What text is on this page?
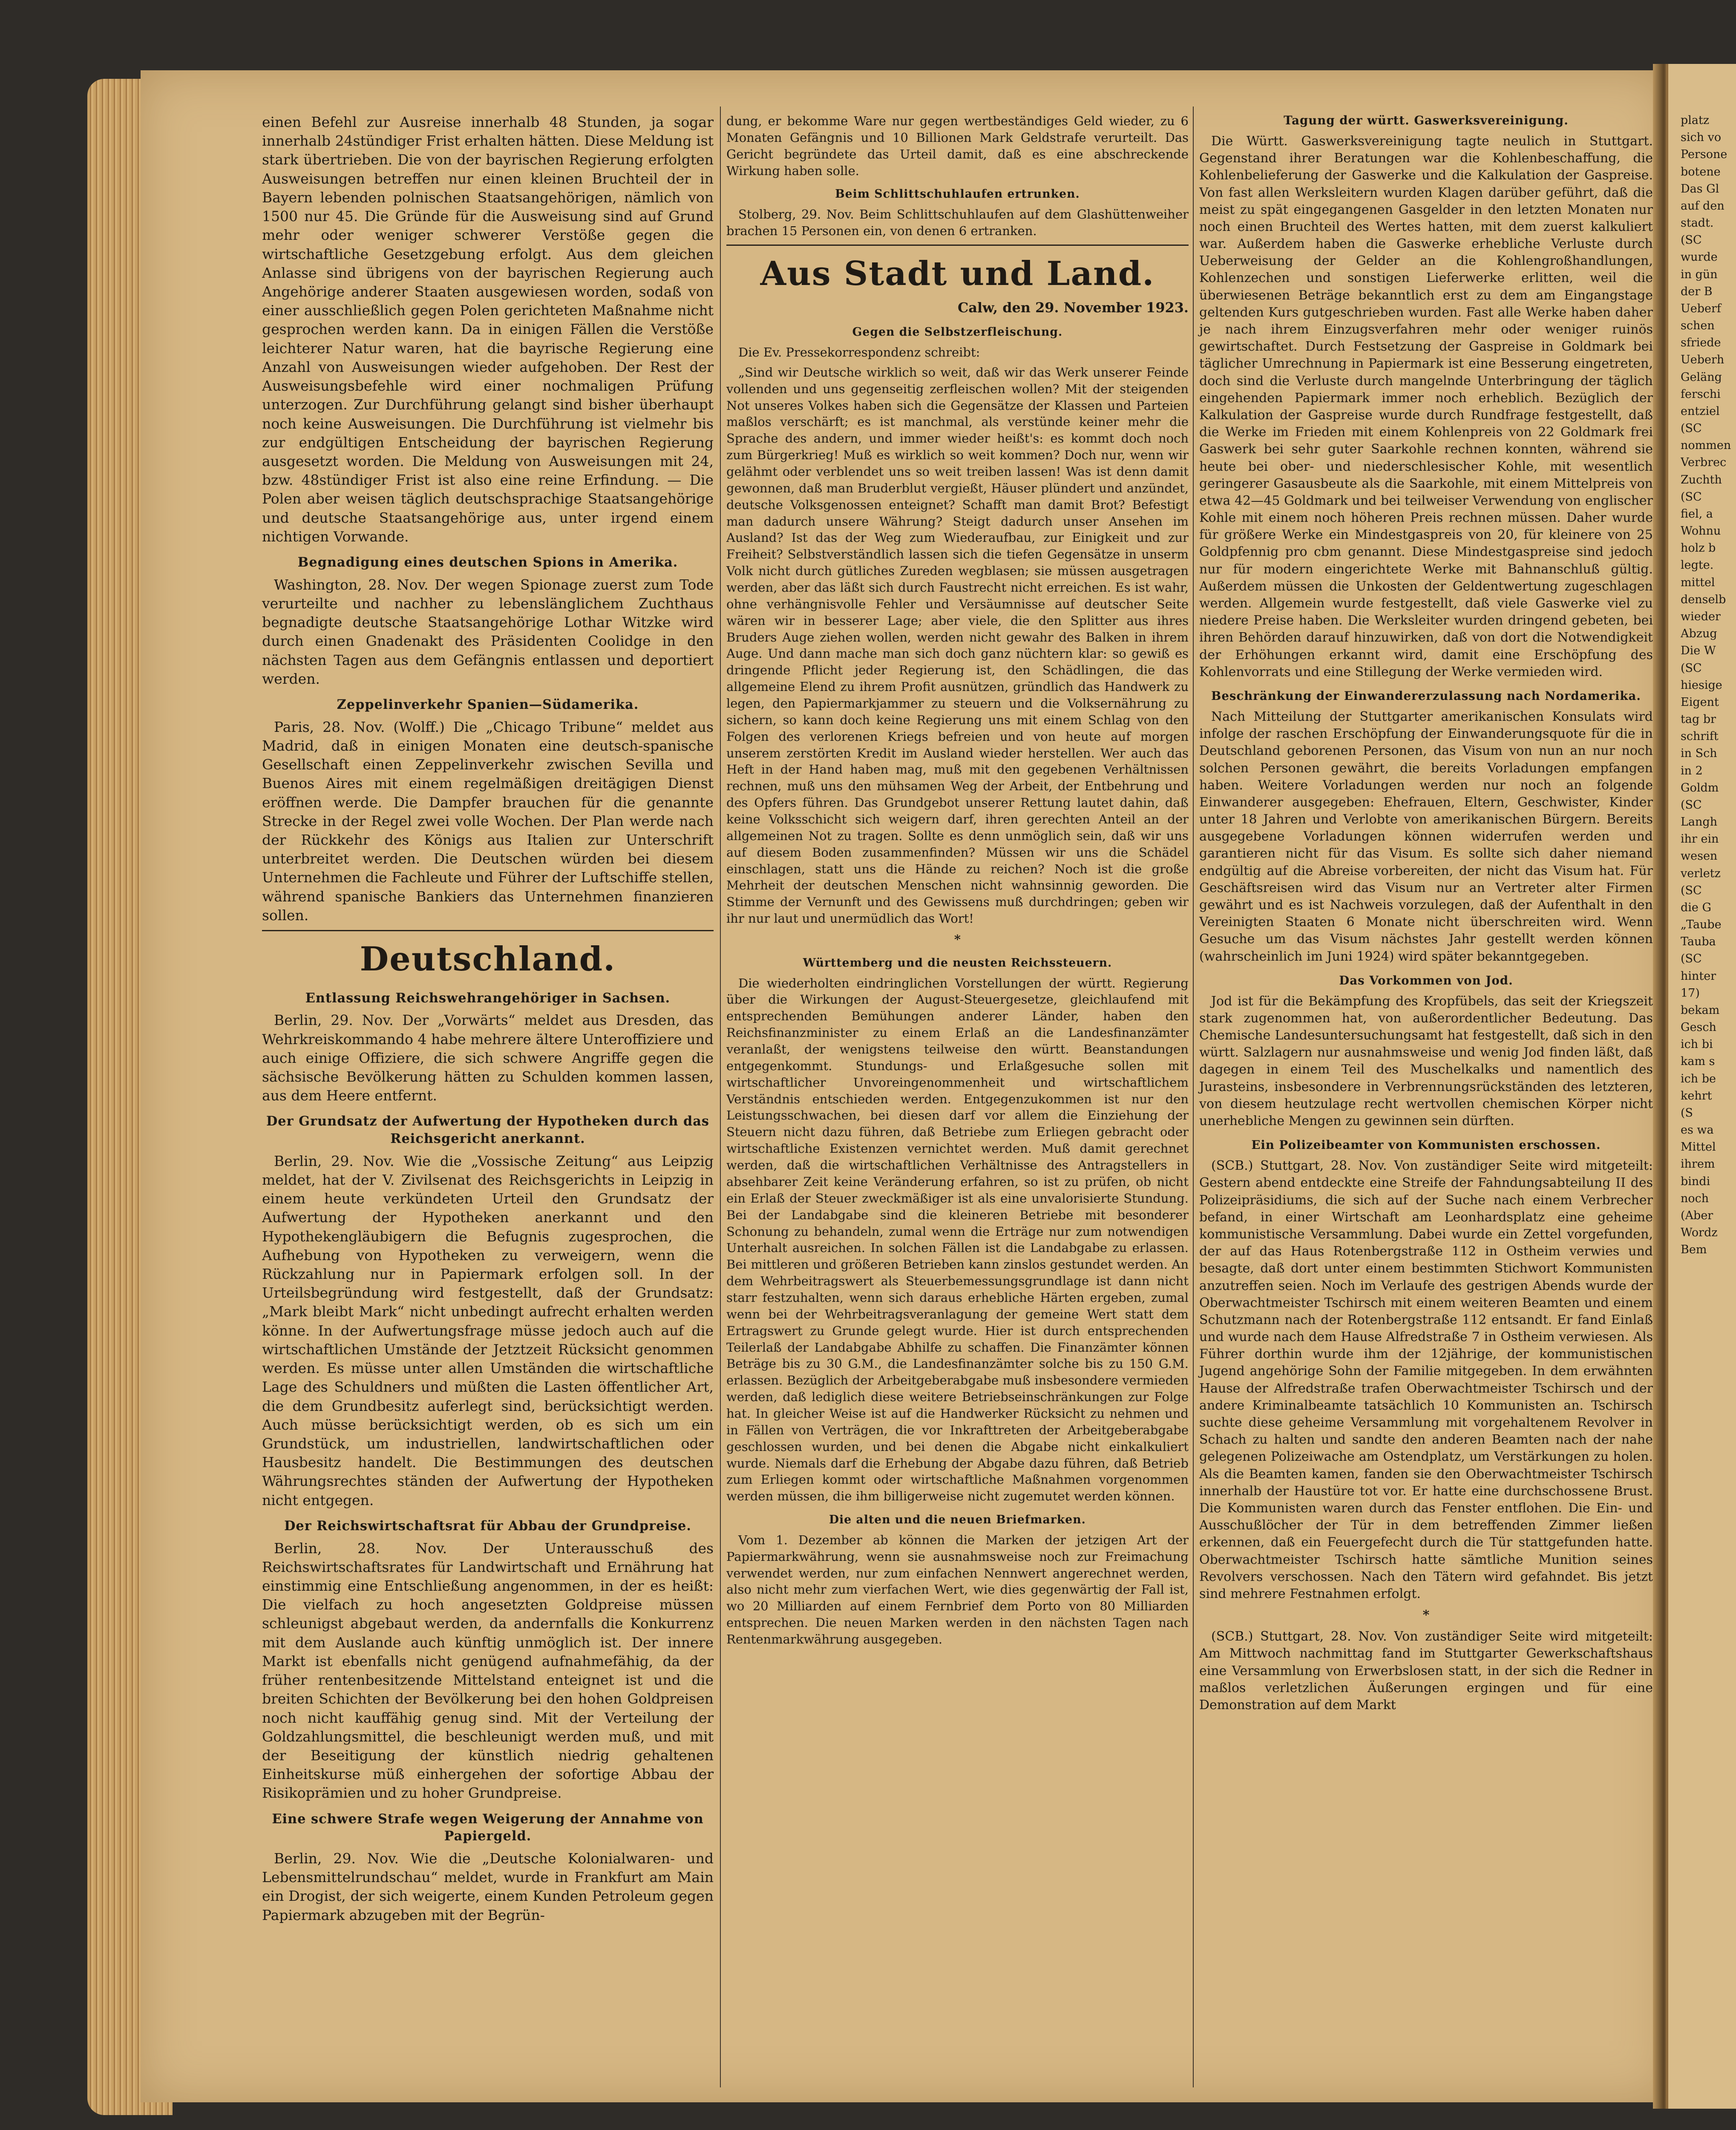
einen Befehl zur Ausreise innerhalb 48 Stunden, ja sogar innerhalb 24stündiger Frist erhalten hätten. Diese Meldung ist stark übertrieben. Die von der bayrischen Regierung erfolgten Ausweisungen betreffen nur einen kleinen Bruchteil der in Bayern lebenden polnischen Staatsangehörigen, nämlich von 1500 nur 45. Die Gründe für die Ausweisung sind auf Grund mehr oder weniger schwerer Verstöße gegen die wirtschaftliche Gesetzgebung erfolgt. Aus dem gleichen Anlasse sind übrigens von der bayrischen Regierung auch Angehörige anderer Staaten ausgewiesen worden, sodaß von einer ausschließlich gegen Polen gerichteten Maßnahme nicht gesprochen werden kann. Da in einigen Fällen die Verstöße leichterer Natur waren, hat die bayrische Regierung eine Anzahl von Ausweisungen wieder aufgehoben. Der Rest der Ausweisungsbefehle wird einer nochmaligen Prüfung unterzogen. Zur Durchführung gelangt sind bisher überhaupt noch keine Ausweisungen. Die Durchführung ist vielmehr bis zur endgültigen Entscheidung der bayrischen Regierung ausgesetzt worden. Die Meldung von Ausweisungen mit 24, bzw. 48stündiger Frist ist also eine reine Erfindung. — Die Polen aber weisen täglich deutschsprachige Staatsangehörige und deutsche Staatsangehörige aus, unter irgend einem nichtigen Vorwande.

Begnadigung eines deutschen Spions in Amerika.

Washington, 28. Nov. Der wegen Spionage zuerst zum Tode verurteilte und nachher zu lebenslänglichem Zuchthaus begnadigte deutsche Staatsangehörige Lothar Witzke wird durch einen Gnadenakt des Präsidenten Coolidge in den nächsten Tagen aus dem Gefängnis entlassen und deportiert werden.

Zeppelinverkehr Spanien—Südamerika.

Paris, 28. Nov. (Wolff.) Die „Chicago Tribune“ meldet aus Madrid, daß in einigen Monaten eine deutsch-spanische Gesellschaft einen Zeppelinverkehr zwischen Sevilla und Buenos Aires mit einem regelmäßigen dreitägigen Dienst eröffnen werde. Die Dampfer brauchen für die genannte Strecke in der Regel zwei volle Wochen. Der Plan werde nach der Rückkehr des Königs aus Italien zur Unterschrift unterbreitet werden. Die Deutschen würden bei diesem Unternehmen die Fachleute und Führer der Luftschiffe stellen, während spanische Bankiers das Unternehmen finanzieren sollen.

Deutschland.
Entlassung Reichswehrangehöriger in Sachsen.

Berlin, 29. Nov. Der „Vorwärts“ meldet aus Dresden, das Wehrkreiskommando 4 habe mehrere ältere Unteroffiziere und auch einige Offiziere, die sich schwere Angriffe gegen die sächsische Bevölkerung hätten zu Schulden kommen lassen, aus dem Heere entfernt.

Der Grundsatz der Aufwertung der Hypotheken durch das Reichsgericht anerkannt.

Berlin, 29. Nov. Wie die „Vossische Zeitung“ aus Leipzig meldet, hat der V. Zivilsenat des Reichsgerichts in Leipzig in einem heute verkündeten Urteil den Grundsatz der Aufwertung der Hypotheken anerkannt und den Hypothekengläubigern die Befugnis zugesprochen, die Aufhebung von Hypotheken zu verweigern, wenn die Rückzahlung nur in Papiermark erfolgen soll. In der Urteilsbegründung wird festgestellt, daß der Grundsatz: „Mark bleibt Mark“ nicht unbedingt aufrecht erhalten werden könne. In der Aufwertungsfrage müsse jedoch auch auf die wirtschaftlichen Umstände der Jetztzeit Rücksicht genommen werden. Es müsse unter allen Umständen die wirtschaftliche Lage des Schuldners und müßten die Lasten öffentlicher Art, die dem Grundbesitz auferlegt sind, berücksichtigt werden. Auch müsse berücksichtigt werden, ob es sich um ein Grundstück, um industriellen, landwirtschaftlichen oder Hausbesitz handelt. Die Bestimmungen des deutschen Währungsrechtes ständen der Aufwertung der Hypotheken nicht entgegen.

Der Reichswirtschaftsrat für Abbau der Grundpreise.

Berlin, 28. Nov. Der Unterausschuß des Reichswirtschaftsrates für Landwirtschaft und Ernährung hat einstimmig eine Entschließung angenommen, in der es heißt: Die vielfach zu hoch angesetzten Goldpreise müssen schleunigst abgebaut werden, da andernfalls die Konkurrenz mit dem Auslande auch künftig unmöglich ist. Der innere Markt ist ebenfalls nicht genügend aufnahmefähig, da der früher rentenbesitzende Mittelstand enteignet ist und die breiten Schichten der Bevölkerung bei den hohen Goldpreisen noch nicht kauffähig genug sind. Mit der Verteilung der Goldzahlungsmittel, die beschleunigt werden muß, und mit der Beseitigung der künstlich niedrig gehaltenen Einheitskurse müß einhergehen der sofortige Abbau der Risikoprämien und zu hoher Grundpreise.

Eine schwere Strafe wegen Weigerung der Annahme von Papiergeld.

Berlin, 29. Nov. Wie die „Deutsche Kolonialwaren- und Lebensmittelrundschau“ meldet, wurde in Frankfurt am Main ein Drogist, der sich weigerte, einem Kunden Petroleum gegen Papiermark abzugeben mit der Begrün-

dung, er bekomme Ware nur gegen wertbeständiges Geld wieder, zu 6 Monaten Gefängnis und 10 Billionen Mark Geldstrafe verurteilt. Das Gericht begründete das Urteil damit, daß es eine abschreckende Wirkung haben solle.

Beim Schlittschuhlaufen ertrunken.

Stolberg, 29. Nov. Beim Schlittschuhlaufen auf dem Glashüttenweiher brachen 15 Personen ein, von denen 6 ertranken.

Aus Stadt und Land.
Calw, den 29. November 1923.
Gegen die Selbstzerfleischung.

Die Ev. Pressekorrespondenz schreibt:

„Sind wir Deutsche wirklich so weit, daß wir das Werk unserer Feinde vollenden und uns gegenseitig zerfleischen wollen? Mit der steigenden Not unseres Volkes haben sich die Gegensätze der Klassen und Parteien maßlos verschärft; es ist manchmal, als verstünde keiner mehr die Sprache des andern, und immer wieder heißt's: es kommt doch noch zum Bürgerkrieg! Muß es wirklich so weit kommen? Doch nur, wenn wir gelähmt oder verblendet uns so weit treiben lassen! Was ist denn damit gewonnen, daß man Bruderblut vergießt, Häuser plündert und anzündet, deutsche Volksgenossen enteignet? Schafft man damit Brot? Befestigt man dadurch unsere Währung? Steigt dadurch unser Ansehen im Ausland? Ist das der Weg zum Wiederaufbau, zur Einigkeit und zur Freiheit? Selbstverständlich lassen sich die tiefen Gegensätze in unserm Volk nicht durch gütliches Zureden wegblasen; sie müssen ausgetragen werden, aber das läßt sich durch Faustrecht nicht erreichen. Es ist wahr, ohne verhängnisvolle Fehler und Versäumnisse auf deutscher Seite wären wir in besserer Lage; aber viele, die den Splitter aus ihres Bruders Auge ziehen wollen, werden nicht gewahr des Balken in ihrem Auge. Und dann mache man sich doch ganz nüchtern klar: so gewiß es dringende Pflicht jeder Regierung ist, den Schädlingen, die das allgemeine Elend zu ihrem Profit ausnützen, gründlich das Handwerk zu legen, den Papiermarkjammer zu steuern und die Volksernährung zu sichern, so kann doch keine Regierung uns mit einem Schlag von den Folgen des verlorenen Kriegs befreien und von heute auf morgen unserem zerstörten Kredit im Ausland wieder herstellen. Wer auch das Heft in der Hand haben mag, muß mit den gegebenen Verhältnissen rechnen, muß uns den mühsamen Weg der Arbeit, der Entbehrung und des Opfers führen. Das Grundgebot unserer Rettung lautet dahin, daß keine Volksschicht sich weigern darf, ihren gerechten Anteil an der allgemeinen Not zu tragen. Sollte es denn unmöglich sein, daß wir uns auf diesem Boden zusammenfinden? Müssen wir uns die Schädel einschlagen, statt uns die Hände zu reichen? Noch ist die große Mehrheit der deutschen Menschen nicht wahnsinnig geworden. Die Stimme der Vernunft und des Gewissens muß durchdringen; geben wir ihr nur laut und unermüdlich das Wort!

*
Württemberg und die neusten Reichssteuern.

Die wiederholten eindringlichen Vorstellungen der württ. Regierung über die Wirkungen der August-Steuergesetze, gleichlaufend mit entsprechenden Bemühungen anderer Länder, haben den Reichsfinanzminister zu einem Erlaß an die Landesfinanzämter veranlaßt, der wenigstens teilweise den württ. Beanstandungen entgegenkommt. Stundungs- und Erlaßgesuche sollen mit wirtschaftlicher Unvoreingenommenheit und wirtschaftlichem Verständnis entschieden werden. Entgegenzukommen ist nur den Leistungsschwachen, bei diesen darf vor allem die Einziehung der Steuern nicht dazu führen, daß Betriebe zum Erliegen gebracht oder wirtschaftliche Existenzen vernichtet werden. Muß damit gerechnet werden, daß die wirtschaftlichen Verhältnisse des Antragstellers in absehbarer Zeit keine Veränderung erfahren, so ist zu prüfen, ob nicht ein Erlaß der Steuer zweckmäßiger ist als eine unvalorisierte Stundung. Bei der Landabgabe sind die kleineren Betriebe mit besonderer Schonung zu behandeln, zumal wenn die Erträge nur zum notwendigen Unterhalt ausreichen. In solchen Fällen ist die Landabgabe zu erlassen. Bei mittleren und größeren Betrieben kann zinslos gestundet werden. An dem Wehrbeitragswert als Steuerbemessungsgrundlage ist dann nicht starr festzuhalten, wenn sich daraus erhebliche Härten ergeben, zumal wenn bei der Wehrbeitragsveranlagung der gemeine Wert statt dem Ertragswert zu Grunde gelegt wurde. Hier ist durch entsprechenden Teilerlaß der Landabgabe Abhilfe zu schaffen. Die Finanzämter können Beträge bis zu 30 G.M., die Landesfinanzämter solche bis zu 150 G.M. erlassen. Bezüglich der Arbeitgeberabgabe muß insbesondere vermieden werden, daß lediglich diese weitere Betriebseinschränkungen zur Folge hat. In gleicher Weise ist auf die Handwerker Rücksicht zu nehmen und in Fällen von Verträgen, die vor Inkrafttreten der Arbeitgeberabgabe geschlossen wurden, und bei denen die Abgabe nicht einkalkuliert wurde. Niemals darf die Erhebung der Abgabe dazu führen, daß Betrieb zum Erliegen kommt oder wirtschaftliche Maßnahmen vorgenommen werden müssen, die ihm billigerweise nicht zugemutet werden können.

Die alten und die neuen Briefmarken.

Vom 1. Dezember ab können die Marken der jetzigen Art der Papiermarkwährung, wenn sie ausnahmsweise noch zur Freimachung verwendet werden, nur zum einfachen Nennwert angerechnet werden, also nicht mehr zum vierfachen Wert, wie dies gegenwärtig der Fall ist, wo 20 Milliarden auf einem Fernbrief dem Porto von 80 Milliarden entsprechen. Die neuen Marken werden in den nächsten Tagen nach Rentenmarkwährung ausgegeben.

Tagung der württ. Gaswerksvereinigung.

Die Württ. Gaswerksvereinigung tagte neulich in Stuttgart. Gegenstand ihrer Beratungen war die Kohlenbeschaffung, die Kohlenbelieferung der Gaswerke und die Kalkulation der Gaspreise. Von fast allen Werksleitern wurden Klagen darüber geführt, daß die meist zu spät eingegangenen Gasgelder in den letzten Monaten nur noch einen Bruchteil des Wertes hatten, mit dem zuerst kalkuliert war. Außerdem haben die Gaswerke erhebliche Verluste durch Ueberweisung der Gelder an die Kohlengroßhandlungen, Kohlenzechen und sonstigen Lieferwerke erlitten, weil die überwiesenen Beträge bekanntlich erst zu dem am Eingangstage geltenden Kurs gutgeschrieben wurden. Fast alle Werke haben daher je nach ihrem Einzugsverfahren mehr oder weniger ruinös gewirtschaftet. Durch Festsetzung der Gaspreise in Goldmark bei täglicher Umrechnung in Papiermark ist eine Besserung eingetreten, doch sind die Verluste durch mangelnde Unterbringung der täglich eingehenden Papiermark immer noch erheblich. Bezüglich der Kalkulation der Gaspreise wurde durch Rundfrage festgestellt, daß die Werke im Frieden mit einem Kohlenpreis von 22 Goldmark frei Gaswerk bei sehr guter Saarkohle rechnen konnten, während sie heute bei ober- und niederschlesischer Kohle, mit wesentlich geringerer Gasausbeute als die Saarkohle, mit einem Mittelpreis von etwa 42—45 Goldmark und bei teilweiser Verwendung von englischer Kohle mit einem noch höheren Preis rechnen müssen. Daher wurde für größere Werke ein Mindestgaspreis von 20, für kleinere von 25 Goldpfennig pro cbm genannt. Diese Mindestgaspreise sind jedoch nur für modern eingerichtete Werke mit Bahnanschluß gültig. Außerdem müssen die Unkosten der Geldentwertung zugeschlagen werden. Allgemein wurde festgestellt, daß viele Gaswerke viel zu niedere Preise haben. Die Werksleiter wurden dringend gebeten, bei ihren Behörden darauf hinzuwirken, daß von dort die Notwendigkeit der Erhöhungen erkannt wird, damit eine Erschöpfung des Kohlenvorrats und eine Stillegung der Werke vermieden wird.

Beschränkung der Einwandererzulassung nach Nordamerika.

Nach Mitteilung der Stuttgarter amerikanischen Konsulats wird infolge der raschen Erschöpfung der Einwanderungsquote für die in Deutschland geborenen Personen, das Visum von nun an nur noch solchen Personen gewährt, die bereits Vorladungen empfangen haben. Weitere Vorladungen werden nur noch an folgende Einwanderer ausgegeben: Ehefrauen, Eltern, Geschwister, Kinder unter 18 Jahren und Verlobte von amerikanischen Bürgern. Bereits ausgegebene Vorladungen können widerrufen werden und garantieren nicht für das Visum. Es sollte sich daher niemand endgültig auf die Abreise vorbereiten, der nicht das Visum hat. Für Geschäftsreisen wird das Visum nur an Vertreter alter Firmen gewährt und es ist Nachweis vorzulegen, daß der Aufenthalt in den Vereinigten Staaten 6 Monate nicht überschreiten wird. Wenn Gesuche um das Visum nächstes Jahr gestellt werden können (wahrscheinlich im Juni 1924) wird später bekanntgegeben.

Das Vorkommen von Jod.

Jod ist für die Bekämpfung des Kropfübels, das seit der Kriegszeit stark zugenommen hat, von außerordentlicher Bedeutung. Das Chemische Landesuntersuchungsamt hat festgestellt, daß sich in den württ. Salzlagern nur ausnahmsweise und wenig Jod finden läßt, daß dagegen in einem Teil des Muschelkalks und namentlich des Jurasteins, insbesondere in Verbrennungsrückständen des letzteren, von diesem heutzulage recht wertvollen chemischen Körper nicht unerhebliche Mengen zu gewinnen sein dürften.

Ein Polizeibeamter von Kommunisten erschossen.

(SCB.) Stuttgart, 28. Nov. Von zuständiger Seite wird mitgeteilt: Gestern abend entdeckte eine Streife der Fahndungsabteilung II des Polizeipräsidiums, die sich auf der Suche nach einem Verbrecher befand, in einer Wirtschaft am Leonhardsplatz eine geheime kommunistische Versammlung. Dabei wurde ein Zettel vorgefunden, der auf das Haus Rotenbergstraße 112 in Ostheim verwies und besagte, daß dort unter einem bestimmten Stichwort Kommunisten anzutreffen seien. Noch im Verlaufe des gestrigen Abends wurde der Oberwachtmeister Tschirsch mit einem weiteren Beamten und einem Schutzmann nach der Rotenbergstraße 112 entsandt. Er fand Einlaß und wurde nach dem Hause Alfredstraße 7 in Ostheim verwiesen. Als Führer dorthin wurde ihm der 12jährige, der kommunistischen Jugend angehörige Sohn der Familie mitgegeben. In dem erwähnten Hause der Alfredstraße trafen Oberwachtmeister Tschirsch und der andere Kriminalbeamte tatsächlich 10 Kommunisten an. Tschirsch suchte diese geheime Versammlung mit vorgehaltenem Revolver in Schach zu halten und sandte den anderen Beamten nach der nahe gelegenen Polizeiwache am Ostendplatz, um Verstärkungen zu holen. Als die Beamten kamen, fanden sie den Oberwachtmeister Tschirsch innerhalb der Haustüre tot vor. Er hatte eine durchschossene Brust. Die Kommunisten waren durch das Fenster entflohen. Die Ein- und Ausschußlöcher der Tür in dem betreffenden Zimmer ließen erkennen, daß ein Feuergefecht durch die Tür stattgefunden hatte. Oberwachtmeister Tschirsch hatte sämtliche Munition seines Revolvers verschossen. Nach den Tätern wird gefahndet. Bis jetzt sind mehrere Festnahmen erfolgt.

*

(SCB.) Stuttgart, 28. Nov. Von zuständiger Seite wird mitgeteilt: Am Mittwoch nachmittag fand im Stuttgarter Gewerkschaftshaus eine Versammlung von Erwerbslosen statt, in der sich die Redner in maßlos verletzlichen Äußerungen ergingen und für eine Demonstration auf dem Markt

platz
sich vo
Persone
botene
Das Gl
auf den
stadt.
(SC
wurde
in gün
der B
Ueberf
schen
sfriede
Ueberh
Geläng
ferschi
entziel
(SC
nommen
Verbrec
Zuchth
(SC
fiel, a
Wohnu
holz b
legte.
mittel
denselb
wieder
Abzug
Die W
(SC
hiesige
Eigent
tag br
schrift
in Sch
in 2
Goldm
(SC
Langh
ihr ein
wesen
verletz
(SC
die G
„Taube
Tauba
(SC
hinter
17)
bekam
Gesch
ich bi
kam s
ich be
kehrt
(S
es wa
Mittel
ihrem
bindi
noch
(Aber
Wordz
Bem
